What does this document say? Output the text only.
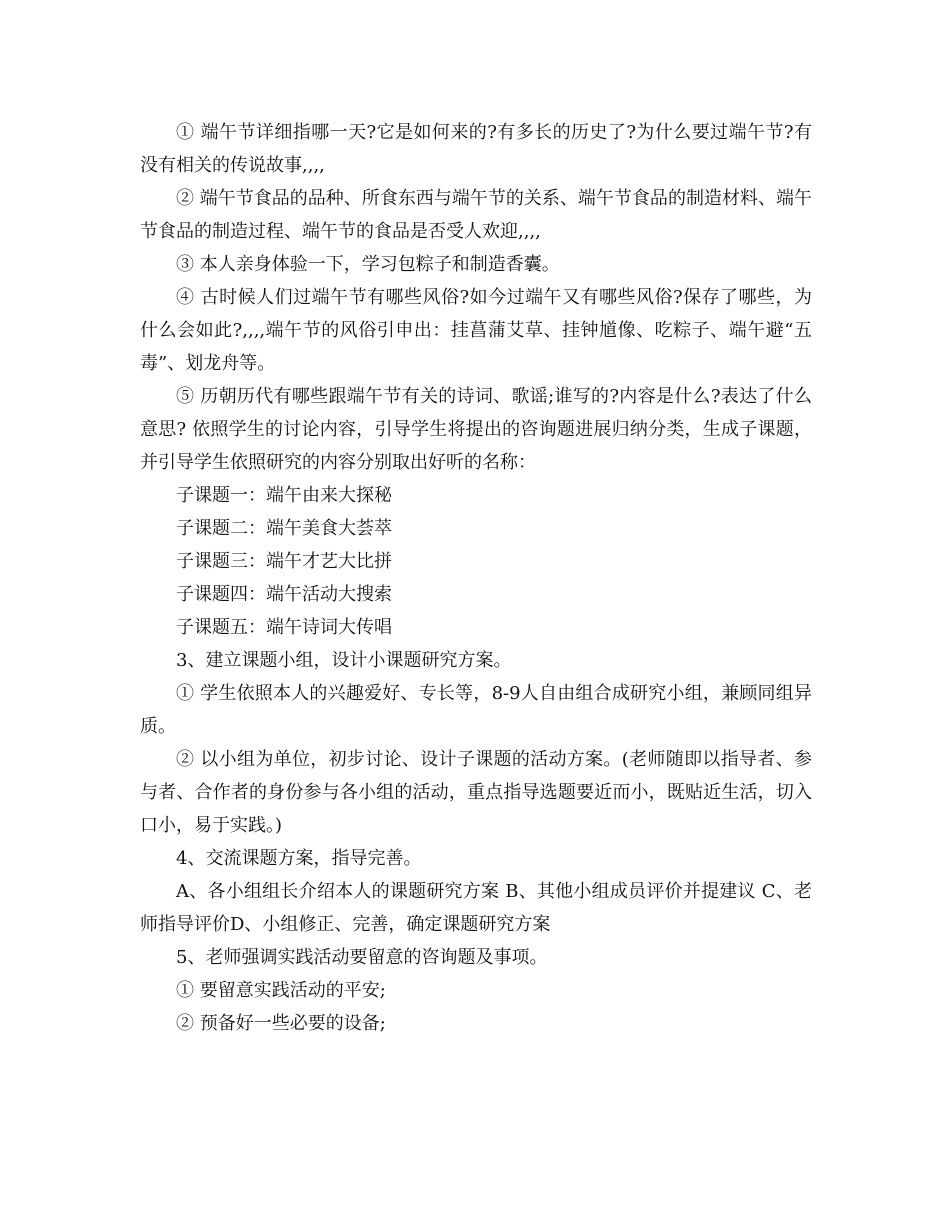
① 端午节详细指哪一天?它是如何来的?有多长的历史了?为什么要过端午节?有没有相关的传说故事,,,,

② 端午节食品的品种、所食东西与端午节的关系、端午节食品的制造材料、端午节食品的制造过程、端午节的食品是否受人欢迎,,,,

③ 本人亲身体验一下，学习包粽子和制造香囊。

④ 古时候人们过端午节有哪些风俗?如今过端午又有哪些风俗?保存了哪些，为什么会如此?,,,,端午节的风俗引申出：挂菖蒲艾草、挂钟馗像、吃粽子、端午避“五毒”、划龙舟等。

⑤ 历朝历代有哪些跟端午节有关的诗词、歌谣;谁写的?内容是什么?表达了什么意思? 依照学生的讨论内容，引导学生将提出的咨询题进展归纳分类，生成子课题，并引导学生依照研究的内容分别取出好听的名称：

子课题一：端午由来大探秘

子课题二：端午美食大荟萃

子课题三：端午才艺大比拼

子课题四：端午活动大搜索

子课题五：端午诗词大传唱

3、建立课题小组，设计小课题研究方案。

① 学生依照本人的兴趣爱好、专长等，8-9人自由组合成研究小组，兼顾同组异质。

② 以小组为单位，初步讨论、设计子课题的活动方案。(老师随即以指导者、参与者、合作者的身份参与各小组的活动，重点指导选题要近而小，既贴近生活，切入口小，易于实践。)

4、交流课题方案，指导完善。

A、各小组组长介绍本人的课题研究方案 B、其他小组成员评价并提建议 C、老师指导评价D、小组修正、完善，确定课题研究方案

5、老师强调实践活动要留意的咨询题及事项。

① 要留意实践活动的平安;

② 预备好一些必要的设备;
